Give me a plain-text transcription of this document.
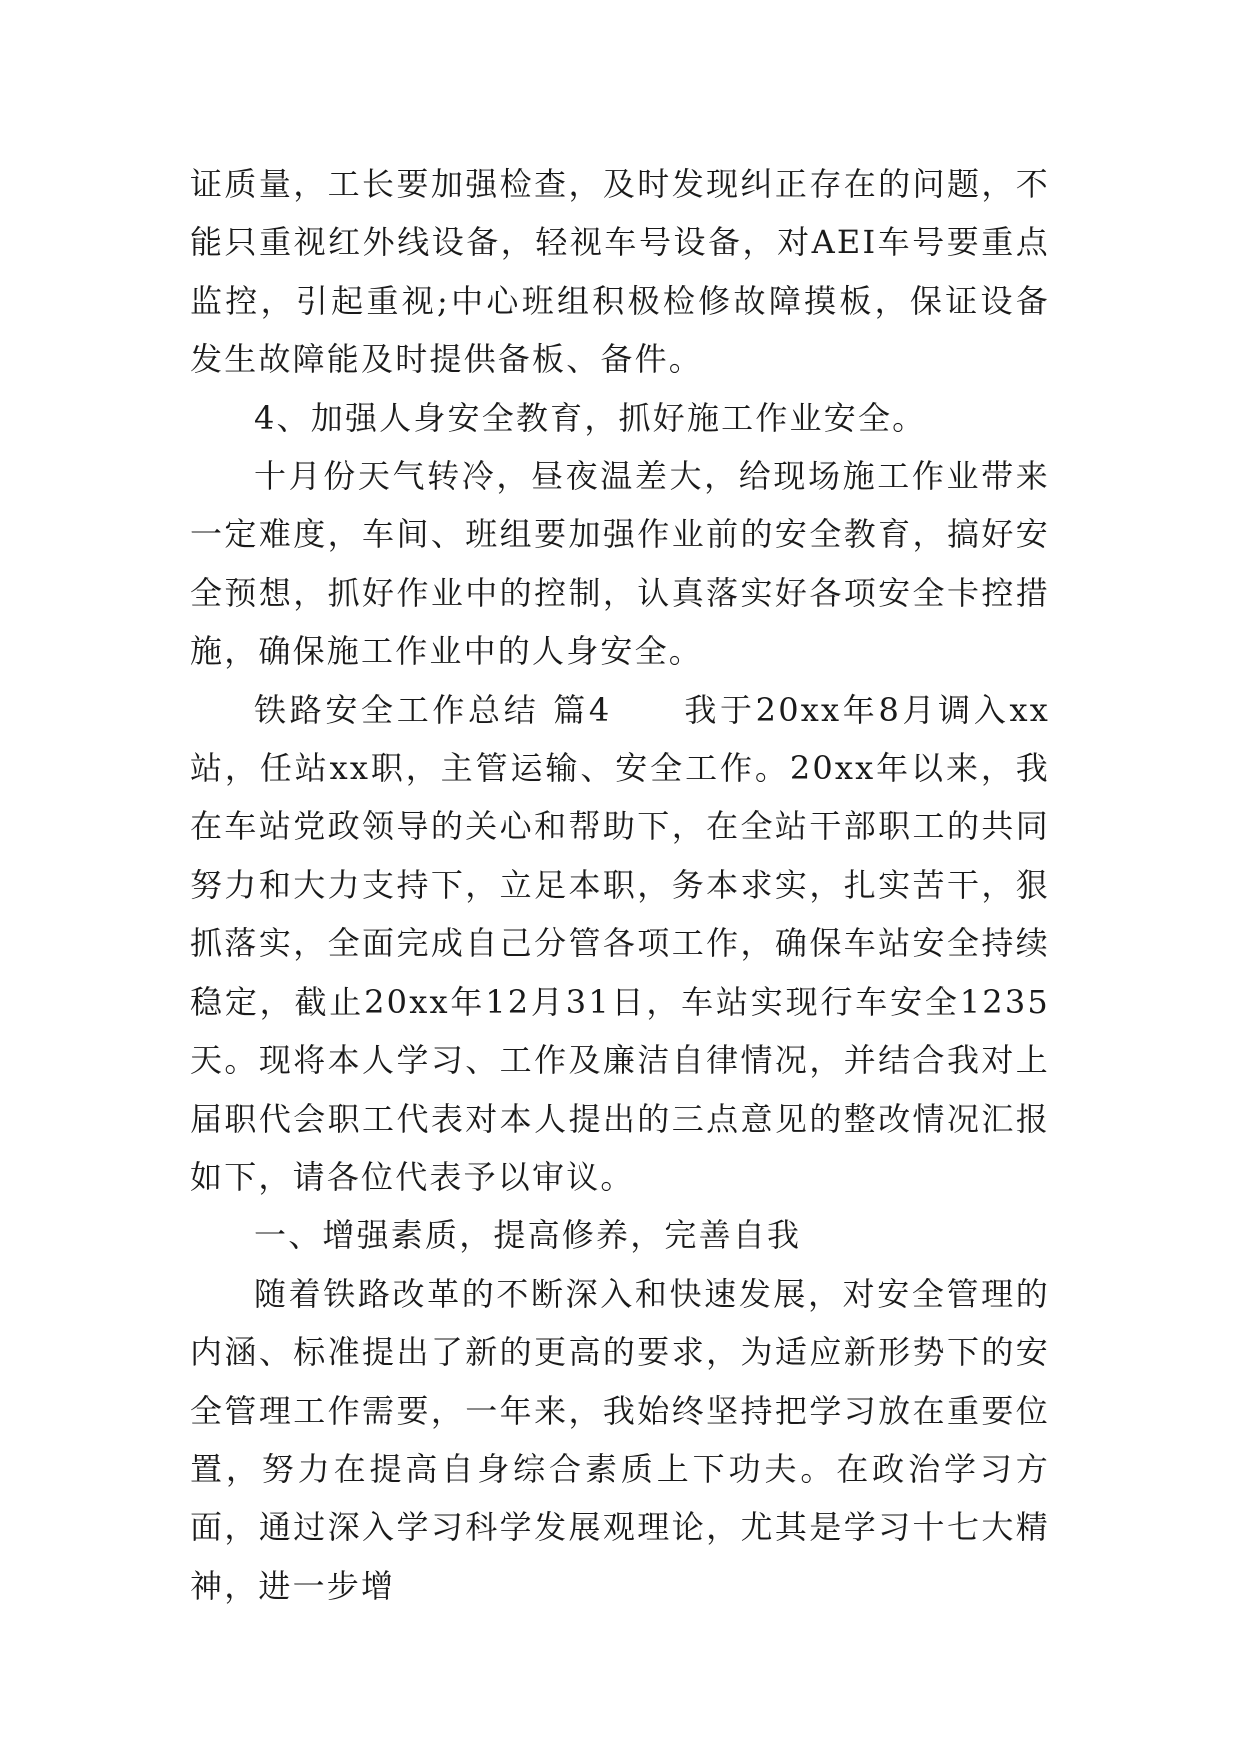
证质量，工长要加强检查，及时发现纠正存在的问题，不能只重视红外线设备，轻视车号设备，对AEI车号要重点监控，引起重视;中心班组积极检修故障摸板，保证设备发生故障能及时提供备板、备件。

4、加强人身安全教育，抓好施工作业安全。

十月份天气转冷，昼夜温差大，给现场施工作业带来一定难度，车间、班组要加强作业前的安全教育，搞好安全预想，抓好作业中的控制，认真落实好各项安全卡控措施，确保施工作业中的人身安全。

铁路安全工作总结 篇4　　我于20xx年8月调入xx站，任站xx职，主管运输、安全工作。20xx年以来，我在车站党政领导的关心和帮助下，在全站干部职工的共同努力和大力支持下，立足本职，务本求实，扎实苦干，狠抓落实，全面完成自己分管各项工作，确保车站安全持续稳定，截止20xx年12月31日，车站实现行车安全1235天。现将本人学习、工作及廉洁自律情况，并结合我对上届职代会职工代表对本人提出的三点意见的整改情况汇报如下，请各位代表予以审议。

一、增强素质，提高修养，完善自我

随着铁路改革的不断深入和快速发展，对安全管理的内涵、标准提出了新的更高的要求，为适应新形势下的安全管理工作需要，一年来，我始终坚持把学习放在重要位置，努力在提高自身综合素质上下功夫。在政治学习方面，通过深入学习科学发展观理论，尤其是学习十七大精神，进一步增
